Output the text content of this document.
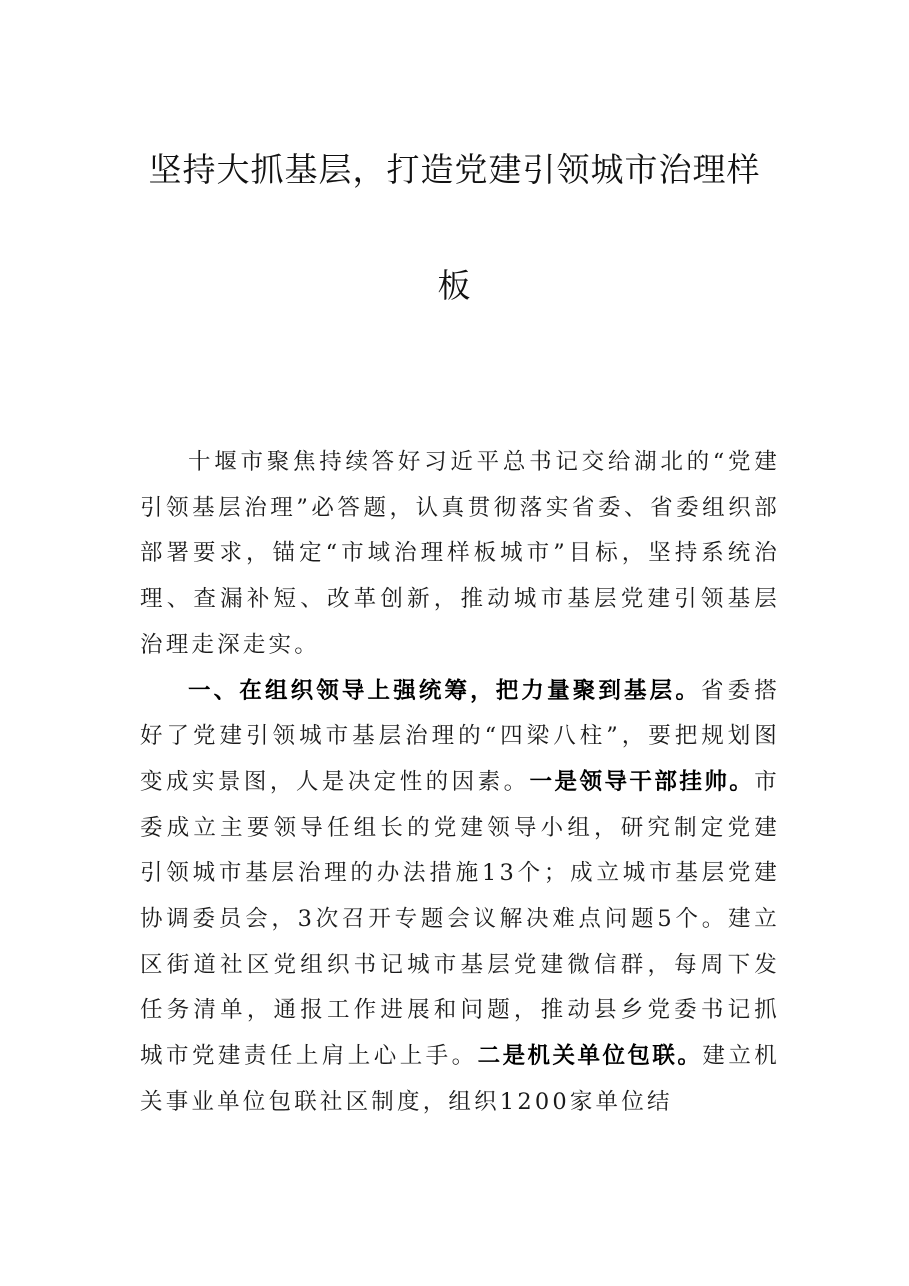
坚持大抓基层，打造党建引领城市治理样
板

十堰市聚焦持续答好习近平总书记交给湖北的“党建引领基层治理”必答题，认真贯彻落实省委、省委组织部部署要求，锚定“市域治理样板城市”目标，坚持系统治理、查漏补短、改革创新，推动城市基层党建引领基层治理走深走实。

一、在组织领导上强统筹，把力量聚到基层。省委搭好了党建引领城市基层治理的“四梁八柱”，要把规划图变成实景图，人是决定性的因素。一是领导干部挂帅。市委成立主要领导任组长的党建领导小组，研究制定党建引领城市基层治理的办法措施13个；成立城市基层党建协调委员会，3次召开专题会议解决难点问题5个。建立区街道社区党组织书记城市基层党建微信群，每周下发任务清单，通报工作进展和问题，推动县乡党委书记抓城市党建责任上肩上心上手。二是机关单位包联。建立机关事业单位包联社区制度，组织1200家单位结
